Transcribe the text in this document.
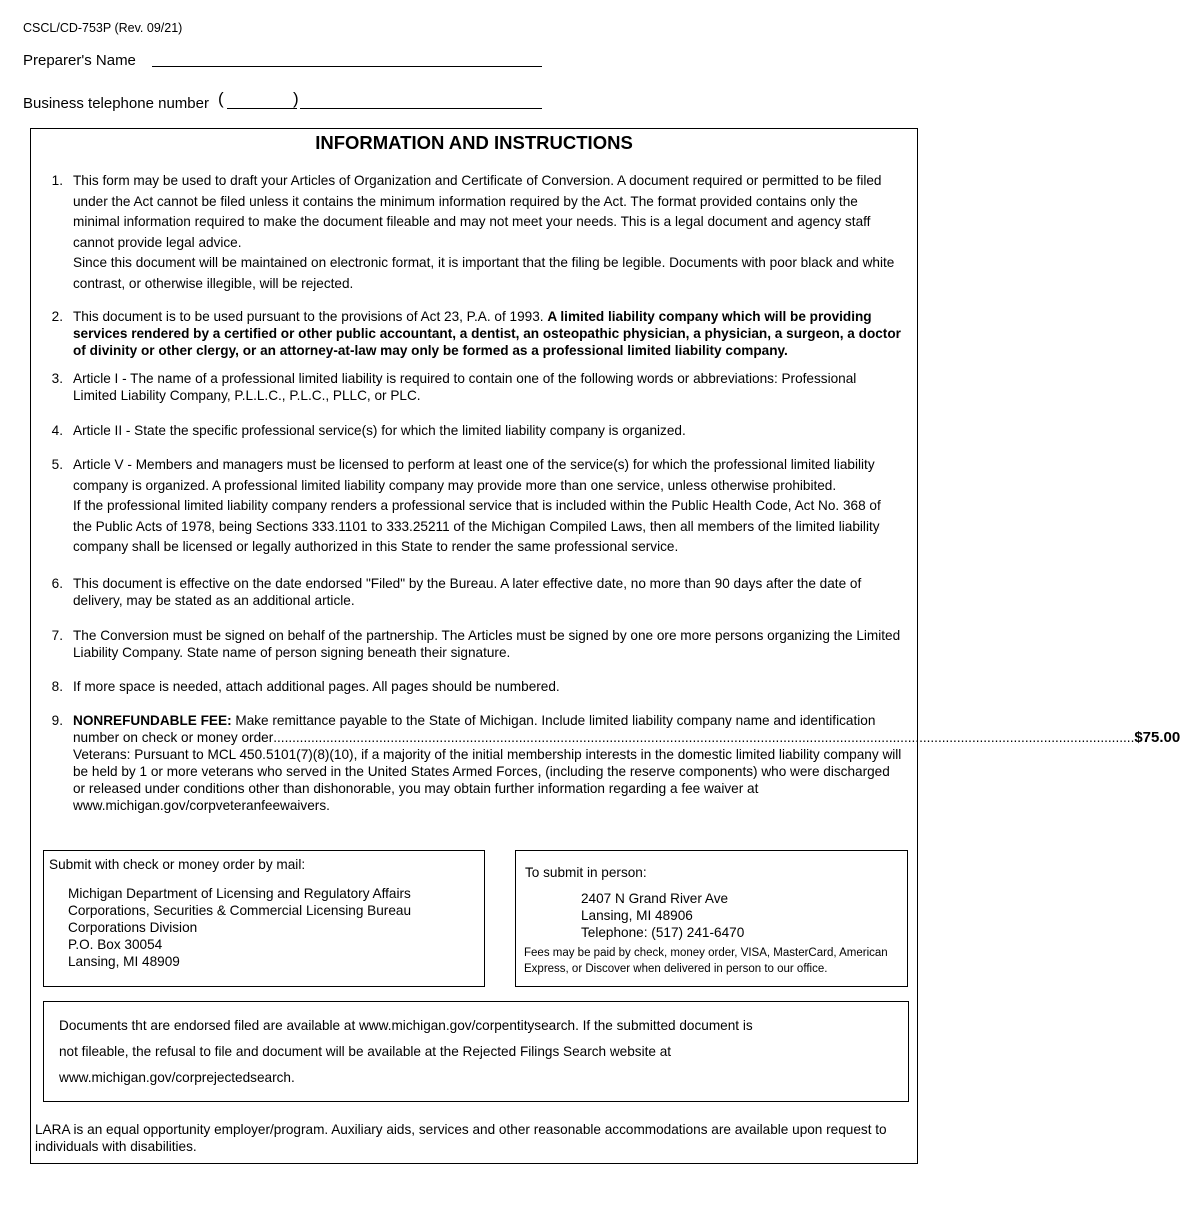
CSCL/CD-753P (Rev. 09/21)
Preparer's Name
Business telephone number (	)
INFORMATION AND INSTRUCTIONS
1. This form may be used to draft your Articles of Organization and Certificate of Conversion. A document required or permitted to be filed under the Act cannot be filed unless it contains the minimum information required by the Act. The format provided contains only the minimal information required to make the document fileable and may not meet your needs. This is a legal document and agency staff cannot provide legal advice.
Since this document will be maintained on electronic format, it is important that the filing be legible. Documents with poor black and white contrast, or otherwise illegible, will be rejected.
2. This document is to be used pursuant to the provisions of Act 23, P.A. of 1993. A limited liability company which will be providing services rendered by a certified or other public accountant, a dentist, an osteopathic physician, a physician, a surgeon, a doctor of divinity or other clergy, or an attorney-at-law may only be formed as a professional limited liability company.
3. Article I - The name of a professional limited liability is required to contain one of the following words or abbreviations: Professional Limited Liability Company, P.L.L.C., P.L.C., PLLC, or PLC.
4. Article II - State the specific professional service(s) for which the limited liability company is organized.
5. Article V - Members and managers must be licensed to perform at least one of the service(s) for which the professional limited liability company is organized. A professional limited liability company may provide more than one service, unless otherwise prohibited.
If the professional limited liability company renders a professional service that is included within the Public Health Code, Act No. 368 of the Public Acts of 1978, being Sections 333.1101 to 333.25211 of the Michigan Compiled Laws, then all members of the limited liability company shall be licensed or legally authorized in this State to render the same professional service.
6. This document is effective on the date endorsed "Filed" by the Bureau. A later effective date, no more than 90 days after the date of delivery, may be stated as an additional article.
7. The Conversion must be signed on behalf of the partnership. The Articles must be signed by one ore more persons organizing the Limited Liability Company. State name of person signing beneath their signature.
8. If more space is needed, attach additional pages. All pages should be numbered.
9. NONREFUNDABLE FEE: Make remittance payable to the State of Michigan. Include limited liability company name and identification
number on check or money order .................................................................................................................................................................................................................................... $75.00
Veterans: Pursuant to MCL 450.5101(7)(8)(10), if a majority of the initial membership interests in the domestic limited liability company will be held by 1 or more veterans who served in the United States Armed Forces, (including the reserve components) who were discharged or released under conditions other than dishonorable, you may obtain further information regarding a fee waiver at www.michigan.gov/corpveteranfeewaivers.
Submit with check or money order by mail:
Michigan Department of Licensing and Regulatory Affairs
Corporations, Securities & Commercial Licensing Bureau
Corporations Division
P.O. Box 30054
Lansing, MI 48909
To submit in person:
2407 N Grand River Ave
Lansing, MI 48906
Telephone: (517) 241-6470
Fees may be paid by check, money order, VISA, MasterCard, American Express, or Discover when delivered in person to our office.
Documents tht are endorsed filed are available at www.michigan.gov/corpentitysearch. If the submitted document is
not fileable, the refusal to file and document will be available at the Rejected Filings Search website at
www.michigan.gov/corprejectedsearch.
LARA is an equal opportunity employer/program. Auxiliary aids, services and other reasonable accommodations are available upon request to individuals with disabilities.
